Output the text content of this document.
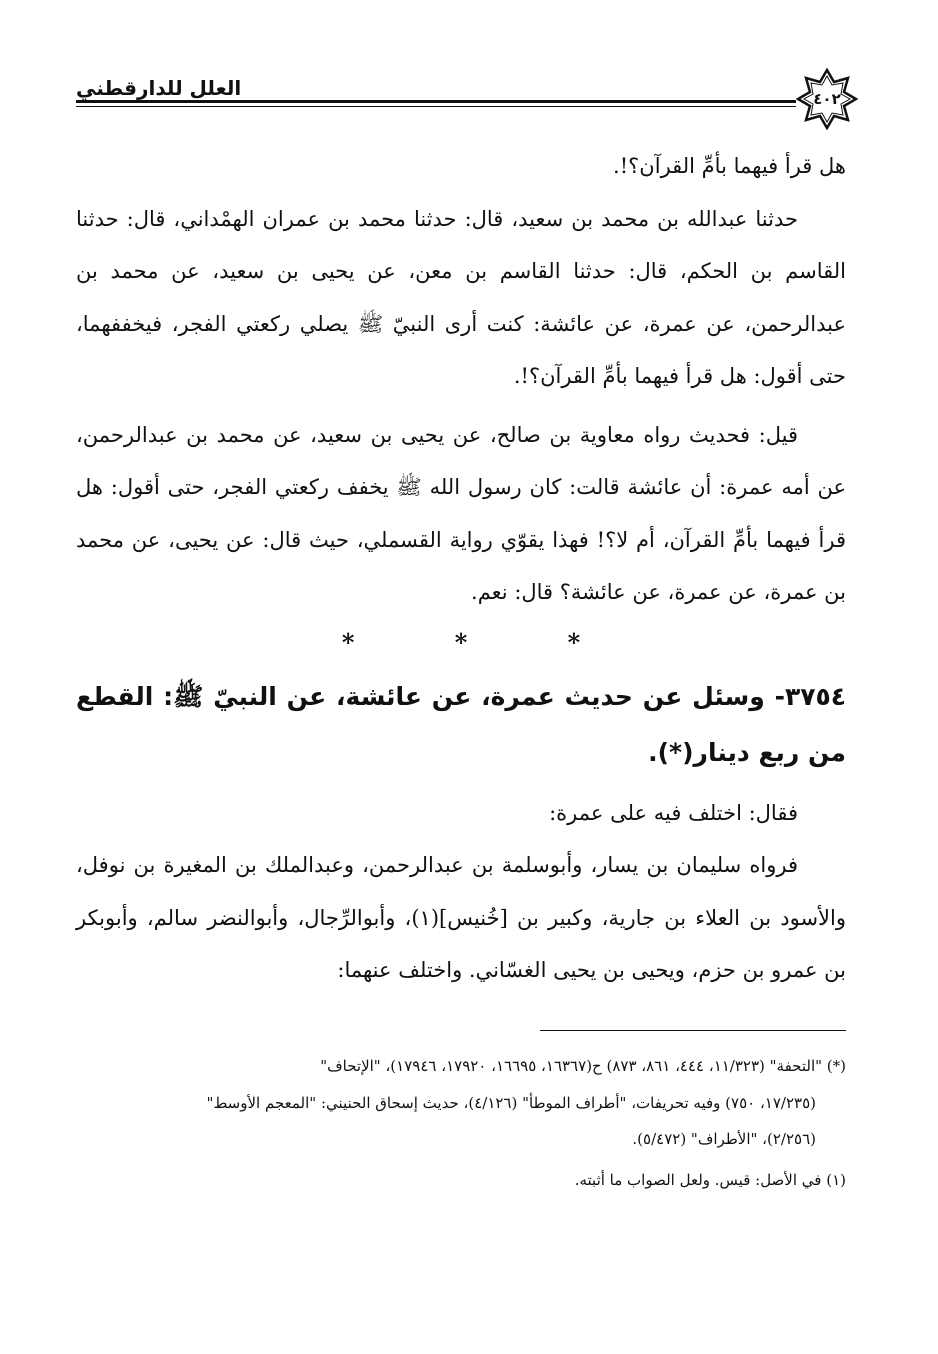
العلل للدارقطني	٤٠٢

هل قرأ فيهما بأمِّ القرآن؟!.

حدثنا عبدالله بن محمد بن سعيد، قال: حدثنا محمد بن عمران الهمْداني، قال: حدثنا القاسم بن الحكم، قال: حدثنا القاسم بن معن، عن يحيى بن سعيد، عن محمد بن عبدالرحمن، عن عمرة، عن عائشة: كنت أرى النبيّ ﷺ يصلي ركعتي الفجر، فيخففهما، حتى أقول: هل قرأ فيهما بأمِّ القرآن؟!.

قيل: فحديث رواه معاوية بن صالح، عن يحيى بن سعيد، عن محمد بن عبدالرحمن، عن أمه عمرة: أن عائشة قالت: كان رسول الله ﷺ يخفف ركعتي الفجر، حتى أقول: هل قرأ فيهما بأمِّ القرآن، أم لا؟! فهذا يقوّي رواية القسملي، حيث قال: عن يحيى، عن محمد بن عمرة، عن عمرة، عن عائشة؟ قال: نعم.

* * *

٣٧٥٤- وسئل عن حديث عمرة، عن عائشة، عن النبيّ ﷺ: القطع من ربع دينار(*).

فقال: اختلف فيه على عمرة:

فرواه سليمان بن يسار، وأبوسلمة بن عبدالرحمن، وعبدالملك بن المغيرة بن نوفل، والأسود بن العلاء بن جارية، وكبير بن [خُنيس](١)، وأبوالرِّجال، وأبوالنضر سالم، وأبوبكر بن عمرو بن حزم، ويحيى بن يحيى الغسّاني. واختلف عنهما:

(*) "التحفة" (١١/٣٢٣، ٤٤٤، ٨٦١، ٨٧٣) ح(١٦٣٦٧، ١٦٦٩٥، ١٧٩٢٠، ١٧٩٤٦)، "الإتحاف"

(١٧/٢٣٥، ٧٥٠) وفيه تحريفات، "أطراف الموطأ" (٤/١٢٦)، حديث إسحاق الحنيني: "المعجم الأوسط"

(٢/٢٥٦)، "الأطراف" (٥/٤٧٢).

(١) في الأصل: قيس. ولعل الصواب ما أثبته.
